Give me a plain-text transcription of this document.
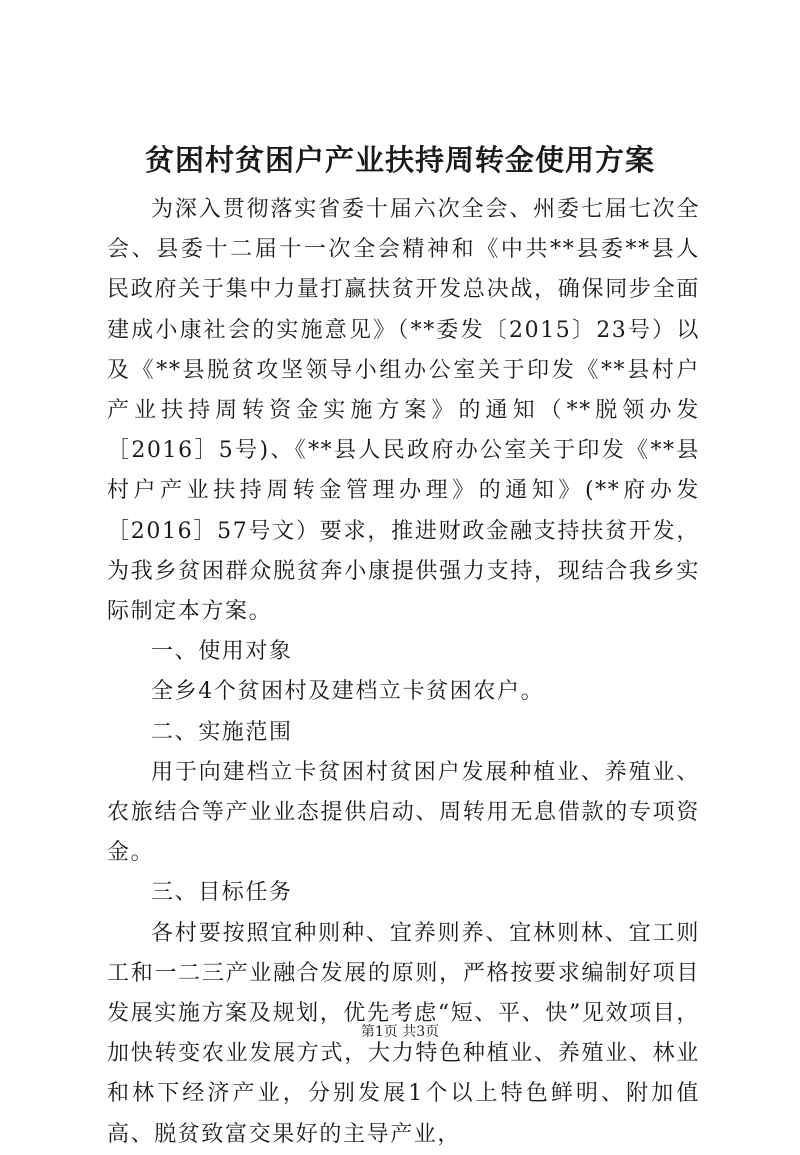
贫困村贫困户产业扶持周转金使用方案

为深入贯彻落实省委十届六次全会、州委七届七次全会、县委十二届十一次全会精神和《中共**县委**县人民政府关于集中力量打赢扶贫开发总决战，确保同步全面建成小康社会的实施意见》（**委发〔2015〕23号）以及《**县脱贫攻坚领导小组办公室关于印发《**县村户产业扶持周转资金实施方案》的通知（**脱领办发［2016］5号)、《**县人民政府办公室关于印发《**县村户产业扶持周转金管理办理》的通知》(**府办发［2016］57号文）要求，推进财政金融支持扶贫开发，为我乡贫困群众脱贫奔小康提供强力支持，现结合我乡实际制定本方案。

一、使用对象

全乡4个贫困村及建档立卡贫困农户。

二、实施范围

用于向建档立卡贫困村贫困户发展种植业、养殖业、农旅结合等产业业态提供启动、周转用无息借款的专项资金。

三、目标任务

各村要按照宜种则种、宜养则养、宜林则林、宜工则工和一二三产业融合发展的原则，严格按要求编制好项目发展实施方案及规划，优先考虑“短、平、快”见效项目，加快转变农业发展方式，大力特色种植业、养殖业、林业和林下经济产业，分别发展1个以上特色鲜明、附加值高、脱贫致富交果好的主导产业，

第1页 共3页
